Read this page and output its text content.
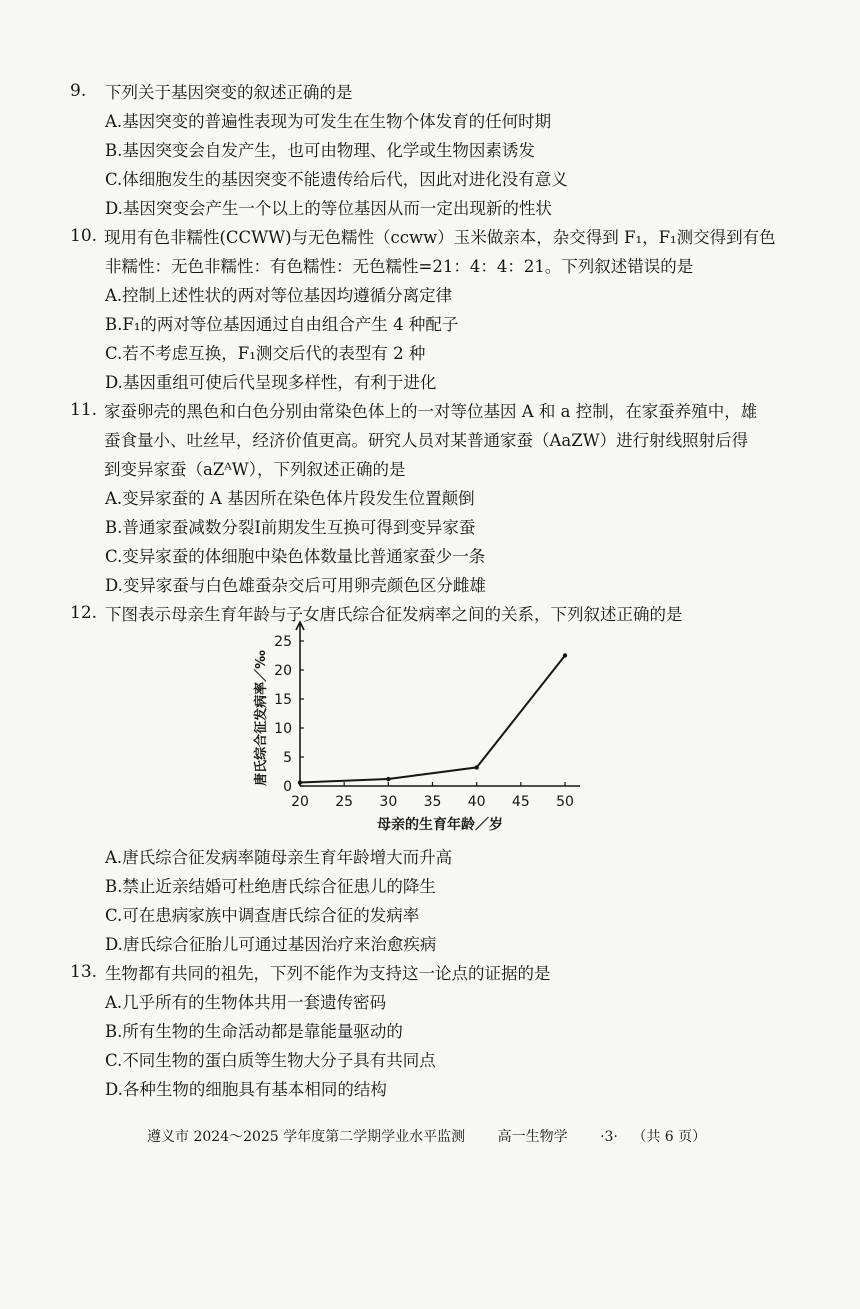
9. 下列关于基因突变的叙述正确的是
A.基因突变的普遍性表现为可发生在生物个体发育的任何时期
B.基因突变会自发产生，也可由物理、化学或生物因素诱发
C.体细胞发生的基因突变不能遗传给后代，因此对进化没有意义
D.基因突变会产生一个以上的等位基因从而一定出现新的性状
10. 现用有色非糯性(CCWW)与无色糯性（ccww）玉米做亲本，杂交得到 F₁，F₁测交得到有色
非糯性：无色非糯性：有色糯性：无色糯性=21：4：4：21。下列叙述错误的是
A.控制上述性状的两对等位基因均遵循分离定律
B.F₁的两对等位基因通过自由组合产生 4 种配子
C.若不考虑互换，F₁测交后代的表型有 2 种
D.基因重组可使后代呈现多样性，有利于进化
11. 家蚕卵壳的黑色和白色分别由常染色体上的一对等位基因 A 和 a 控制，在家蚕养殖中，雄
蚕食量小、吐丝早，经济价值更高。研究人员对某普通家蚕（AaZW）进行射线照射后得
到变异家蚕（aZᴬW），下列叙述正确的是
A.变异家蚕的 A 基因所在染色体片段发生位置颠倒
B.普通家蚕减数分裂Ⅰ前期发生互换可得到变异家蚕
C.变异家蚕的体细胞中染色体数量比普通家蚕少一条
D.变异家蚕与白色雄蚕杂交后可用卵壳颜色区分雌雄
12. 下图表示母亲生育年龄与子女唐氏综合征发病率之间的关系，下列叙述正确的是
20 25 30 35 40 45 50
0
5
10
15
20
25
母亲的生育年龄／岁
唐氏综合征发病率／‰
A.唐氏综合征发病率随母亲生育年龄增大而升高
B.禁止近亲结婚可杜绝唐氏综合征患儿的降生
C.可在患病家族中调查唐氏综合征的发病率
D.唐氏综合征胎儿可通过基因治疗来治愈疾病
13. 生物都有共同的祖先，下列不能作为支持这一论点的证据的是
A.几乎所有的生物体共用一套遗传密码
B.所有生物的生命活动都是靠能量驱动的
C.不同生物的蛋白质等生物大分子具有共同点
D.各种生物的细胞具有基本相同的结构
遵义市 2024～2025 学年度第二学期学业水平监测 高一生物学 ·3· （共 6 页）
